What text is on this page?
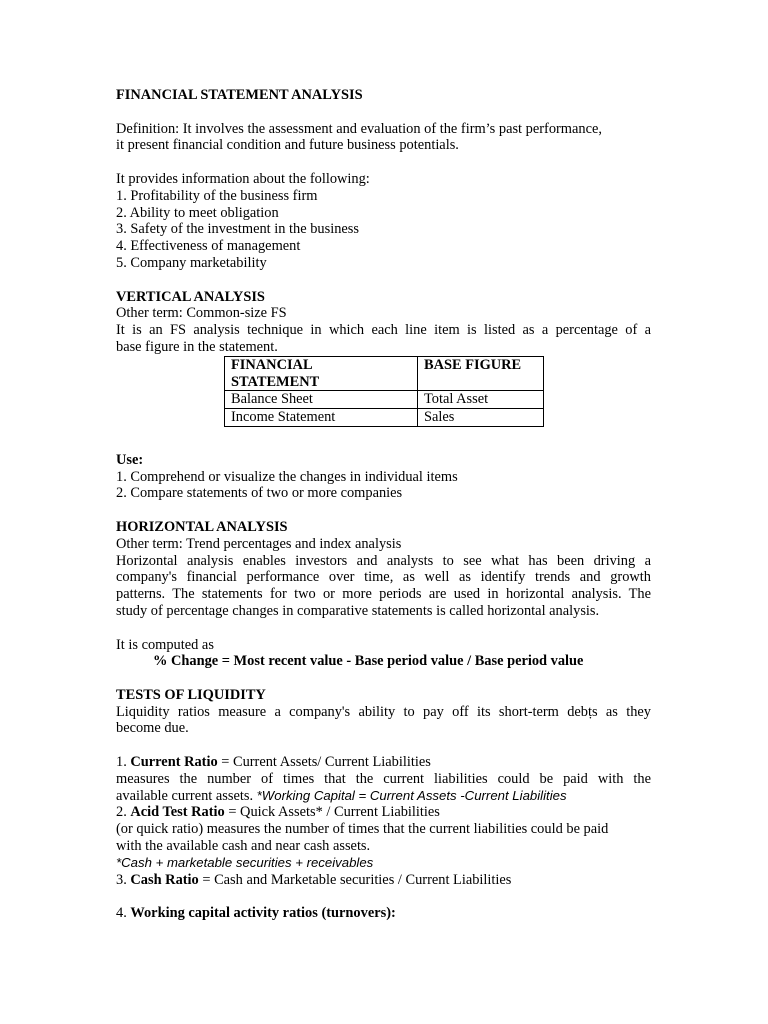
FINANCIAL STATEMENT ANALYSIS
Definition: It involves the assessment and evaluation of the firm’s past performance,
it present financial condition and future business potentials.
It provides information about the following:
1. Profitability of the business firm
2. Ability to meet obligation
3. Safety of the investment in the business
4. Effectiveness of management
5. Company marketability
VERTICAL ANALYSIS
Other term: Common-size FS
It is an FS analysis technique in which each line item is listed as a percentage of a
base figure in the statement.
FINANCIAL
STATEMENT	BASE FIGURE
Balance Sheet	Total Asset
Income Statement	Sales
Use:
1. Comprehend or visualize the changes in individual items
2. Compare statements of two or more companies
HORIZONTAL ANALYSIS
Other term: Trend percentages and index analysis
Horizontal analysis enables investors and analysts to see what has been driving a
company's financial performance over time, as well as identify trends and growth
patterns. The statements for two or more periods are used in horizontal analysis. The
study of percentage changes in comparative statements is called horizontal analysis.
It is computed as
% Change = Most recent value - Base period value / Base period value
TESTS OF LIQUIDITY
Liquidity ratios measure a company's ability to pay off its short-term debṭs as they
become due.
1. Current Ratio = Current Assets/ Current Liabilities
measures the number of times that the current liabilities could be paid with the
available current assets. *Working Capital = Current Assets -Current Liabilities
2. Acid Test Ratio = Quick Assets* / Current Liabilities
(or quick ratio) measures the number of times that the current liabilities could be paid
with the available cash and near cash assets.
*Cash + marketable securities + receivables
3. Cash Ratio = Cash and Marketable securities / Current Liabilities
4. Working capital activity ratios (turnovers):
